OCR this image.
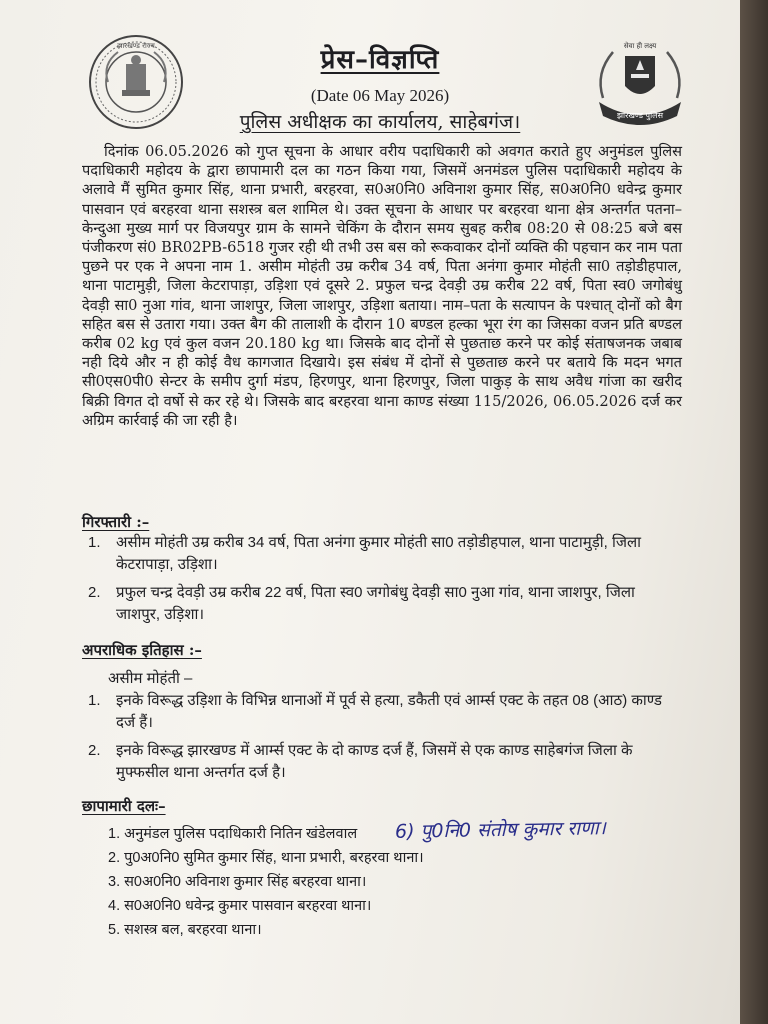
झारखण्ड राज्य	प्रेस–विज्ञप्ति
(Date 06 May 2026)
पुलिस अधीक्षक का कार्यालय, साहेबगंज।
सेवा ही लक्ष्य
झारखण्ड पुलिस

दिनांक 06.05.2026 को गुप्त सूचना के आधार वरीय पदाधिकारी को अवगत कराते हुए अनुमंडल पुलिस पदाधिकारी महोदय के द्वारा छापामारी दल का गठन किया गया, जिसमें अनमंडल पुलिस पदाधिकारी महोदय के अलावे मैं सुमित कुमार सिंह, थाना प्रभारी, बरहरवा, स0अ0नि0 अविनाश कुमार सिंह, स0अ0नि0 धवेन्द्र कुमार पासवान एवं बरहरवा थाना सशस्त्र बल शामिल थे। उक्त सूचना के आधार पर बरहरवा थाना क्षेत्र अन्तर्गत पतना–केन्दुआ मुख्य मार्ग पर विजयपुर ग्राम के सामने चेकिंग के दौरान समय सुबह करीब 08:20 से 08:25 बजे बस पंजीकरण सं0 BR02PB-6518 गुजर रही थी तभी उस बस को रूकवाकर दोनों व्यक्ति की पहचान कर नाम पता पुछने पर एक ने अपना नाम 1. असीम मोहंती उम्र करीब 34 वर्ष, पिता अनंगा कुमार मोहंती सा0 तड़ोडीहपाल, थाना पाटामुड़ी, जिला केटरापाड़ा, उड़िशा एवं दूसरे 2. प्रफुल चन्द्र देवड़ी उम्र करीब 22 वर्ष, पिता स्व0 जगोबंधु देवड़ी सा0 नुआ गांव, थाना जाशपुर, जिला जाशपुर, उड़िशा बताया। नाम–पता के सत्यापन के पश्चात् दोनों को बैग सहित बस से उतारा गया। उक्त बैग की तालाशी के दौरान 10 बण्डल हल्का भूरा रंग का जिसका वजन प्रति बण्डल करीब 02 kg एवं कुल वजन 20.180 kg था। जिसके बाद दोनों से पुछताछ करने पर कोई संताषजनक जबाब नही दिये और न ही कोई वैध कागजात दिखाये। इस संबंध में दोनों से पुछताछ करने पर बताये कि मदन भगत सी0एस0पी0 सेन्टर के समीप दुर्गा मंडप, हिरणपुर, थाना हिरणपुर, जिला पाकुड़ के साथ अवैध गांजा का खरीद बिक्री विगत दो वर्षो से कर रहे थे। जिसके बाद बरहरवा थाना काण्ड संख्या 115/2026, 06.05.2026 दर्ज कर अग्रिम कार्रवाई की जा रही है।

गिरफ्तारी :–
1. असीम मोहंती उम्र करीब 34 वर्ष, पिता अनंगा कुमार मोहंती सा0 तड़ोडीहपाल, थाना पाटामुड़ी, जिला केटरापाड़ा, उड़िशा।
2. प्रफुल चन्द्र देवड़ी उम्र करीब 22 वर्ष, पिता स्व0 जगोबंधु देवड़ी सा0 नुआ गांव, थाना जाशपुर, जिला जाशपुर, उड़िशा।
अपराधिक इतिहास :–
असीम मोहंती –
1. इनके विरूद्ध उड़िशा के विभिन्न थानाओं में पूर्व से हत्या, डकैती एवं आर्म्स एक्ट के तहत 08 (आठ) काण्ड दर्ज हैं।
2. इनके विरूद्ध झारखण्ड में आर्म्स एक्ट के दो काण्ड दर्ज हैं, जिसमें से एक काण्ड साहेबगंज जिला के मुफ्फसील थाना अन्तर्गत दर्ज है।
छापामारी दलः–
1. अनुमंडल पुलिस पदाधिकारी नितिन खंडेलवाल
2. पु0अ0नि0 सुमित कुमार सिंह, थाना प्रभारी, बरहरवा थाना।
3. स0अ0नि0 अविनाश कुमार सिंह बरहरवा थाना।
4. स0अ0नि0 धवेन्द्र कुमार पासवान बरहरवा थाना।
5. सशस्त्र बल, बरहरवा थाना।
6) पु0नि0 संतोष कुमार राणा।
